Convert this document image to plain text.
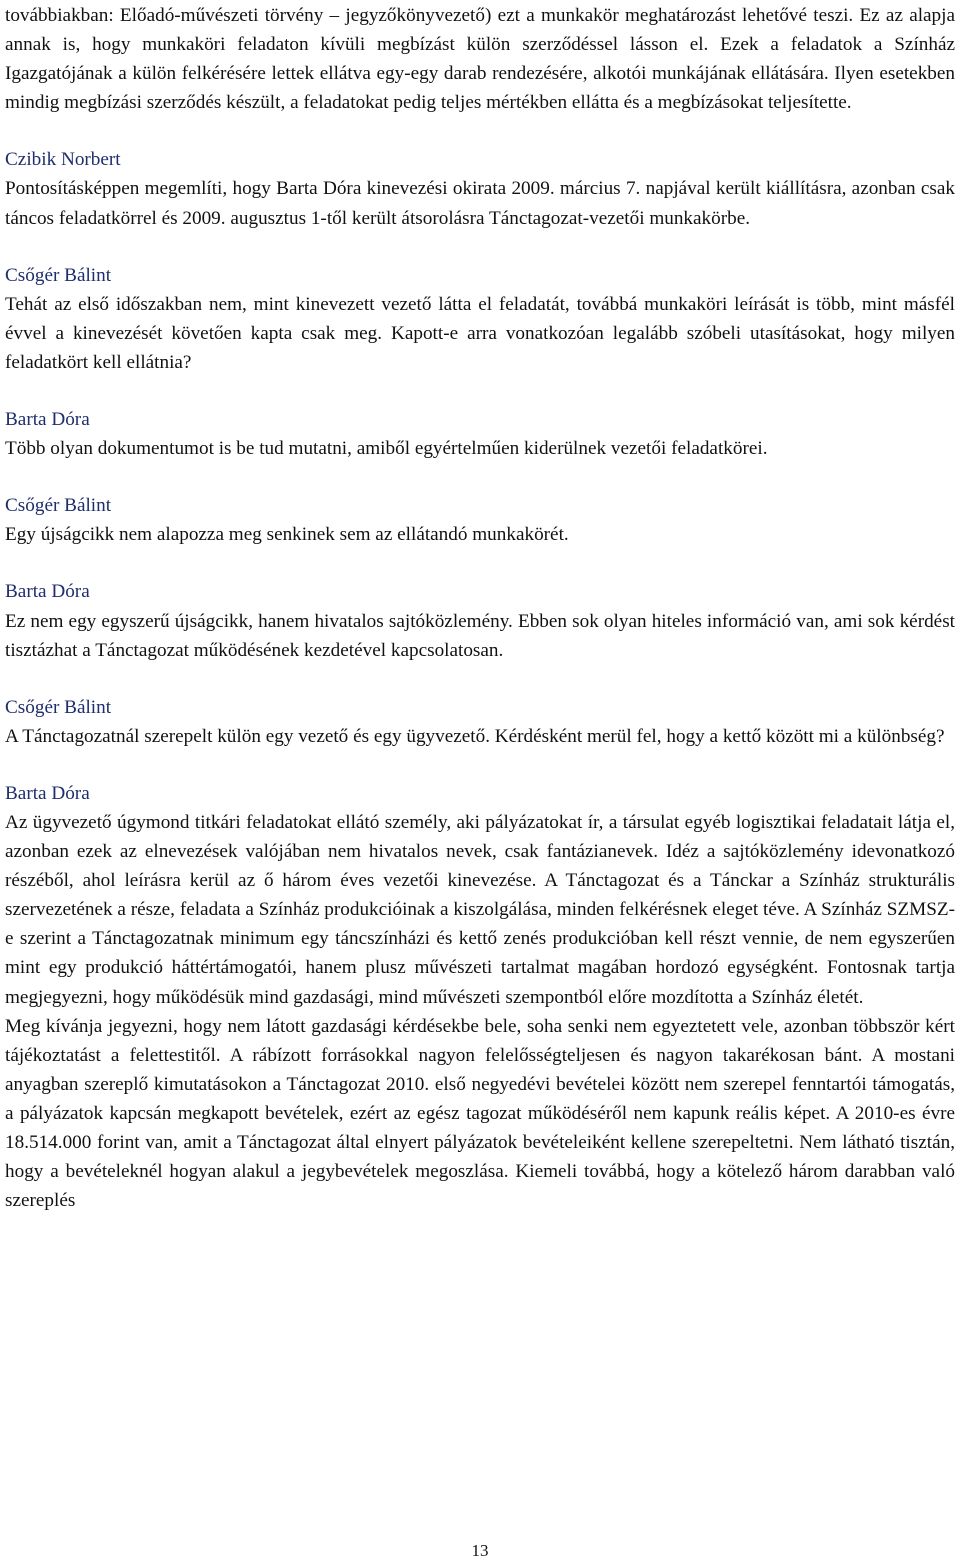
továbbiakban: Előadó-művészeti törvény – jegyzőkönyvezető) ezt a munkakör meghatározást lehetővé teszi. Ez az alapja annak is, hogy munkaköri feladaton kívüli megbízást külön szerződéssel lásson el. Ezek a feladatok a Színház Igazgatójának a külön felkérésére lettek ellátva egy-egy darab rendezésére, alkotói munkájának ellátására. Ilyen esetekben mindig megbízási szerződés készült, a feladatokat pedig teljes mértékben ellátta és a megbízásokat teljesítette.

Czibik Norbert

Pontosításképpen megemlíti, hogy Barta Dóra kinevezési okirata 2009. március 7. napjával került kiállításra, azonban csak táncos feladatkörrel és 2009. augusztus 1-től került átsorolásra Tánctagozat-vezetői munkakörbe.

Csőgér Bálint

Tehát az első időszakban nem, mint kinevezett vezető látta el feladatát, továbbá munkaköri leírását is több, mint másfél évvel a kinevezését követően kapta csak meg. Kapott-e arra vonatkozóan legalább szóbeli utasításokat, hogy milyen feladatkört kell ellátnia?

Barta Dóra

Több olyan dokumentumot is be tud mutatni, amiből egyértelműen kiderülnek vezetői feladatkörei.

Csőgér Bálint

Egy újságcikk nem alapozza meg senkinek sem az ellátandó munkakörét.

Barta Dóra

Ez nem egy egyszerű újságcikk, hanem hivatalos sajtóközlemény. Ebben sok olyan hiteles információ van, ami sok kérdést tisztázhat a Tánctagozat működésének kezdetével kapcsolatosan.

Csőgér Bálint

A Tánctagozatnál szerepelt külön egy vezető és egy ügyvezető. Kérdésként merül fel, hogy a kettő között mi a különbség?

Barta Dóra

Az ügyvezető úgymond titkári feladatokat ellátó személy, aki pályázatokat ír, a társulat egyéb logisztikai feladatait látja el, azonban ezek az elnevezések valójában nem hivatalos nevek, csak fantázianevek. Idéz a sajtóközlemény idevonatkozó részéből, ahol leírásra kerül az ő három éves vezetői kinevezése. A Tánctagozat és a Tánckar a Színház strukturális szervezetének a része, feladata a Színház produkcióinak a kiszolgálása, minden felkérésnek eleget téve. A Színház SZMSZ-e szerint a Tánctagozatnak minimum egy táncszínházi és kettő zenés produkcióban kell részt vennie, de nem egyszerűen mint egy produkció háttértámogatói, hanem plusz művészeti tartalmat magában hordozó egységként. Fontosnak tartja megjegyezni, hogy működésük mind gazdasági, mind művészeti szempontból előre mozdította a Színház életét.

Meg kívánja jegyezni, hogy nem látott gazdasági kérdésekbe bele, soha senki nem egyeztetett vele, azonban többször kért tájékoztatást a felettestitől. A rábízott forrásokkal nagyon felelősségteljesen és nagyon takarékosan bánt. A mostani anyagban szereplő kimutatásokon a Tánctagozat 2010. első negyedévi bevételei között nem szerepel fenntartói támogatás, a pályázatok kapcsán megkapott bevételek, ezért az egész tagozat működéséről nem kapunk reális képet. A 2010-es évre 18.514.000 forint van, amit a Tánctagozat által elnyert pályázatok bevételeiként kellene szerepeltetni. Nem látható tisztán, hogy a bevételeknél hogyan alakul a jegybevételek megoszlása. Kiemeli továbbá, hogy a kötelező három darabban való szereplés

13
